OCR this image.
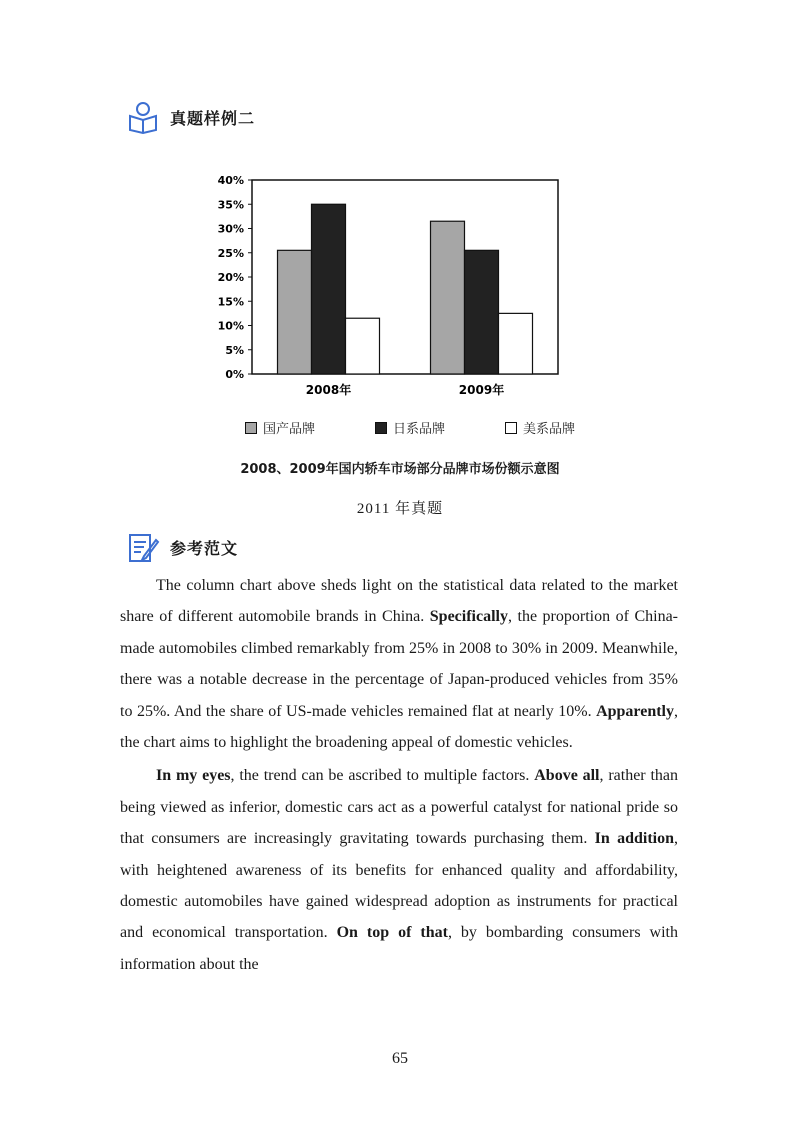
真题样例二
0%
5%
10%
15%
20%
25%
30%
35%
40%
2008年	2009年
国产品牌	日系品牌	美系品牌
2008、2009年国内轿车市场部分品牌市场份额示意图
2011 年真题
参考范文

The column chart above sheds light on the statistical data related to the market share of different automobile brands in China. Specifically, the proportion of China-made automobiles climbed remarkably from 25% in 2008 to 30% in 2009. Meanwhile, there was a notable decrease in the percentage of Japan-produced vehicles from 35% to 25%. And the share of US-made vehicles remained flat at nearly 10%. Apparently, the chart aims to highlight the broadening appeal of domestic vehicles.

In my eyes, the trend can be ascribed to multiple factors. Above all, rather than being viewed as inferior, domestic cars act as a powerful catalyst for national pride so that consumers are increasingly gravitating towards purchasing them. In addition, with heightened awareness of its benefits for enhanced quality and affordability, domestic automobiles have gained widespread adoption as instruments for practical and economical transportation. On top of that, by bombarding consumers with information about the

65
